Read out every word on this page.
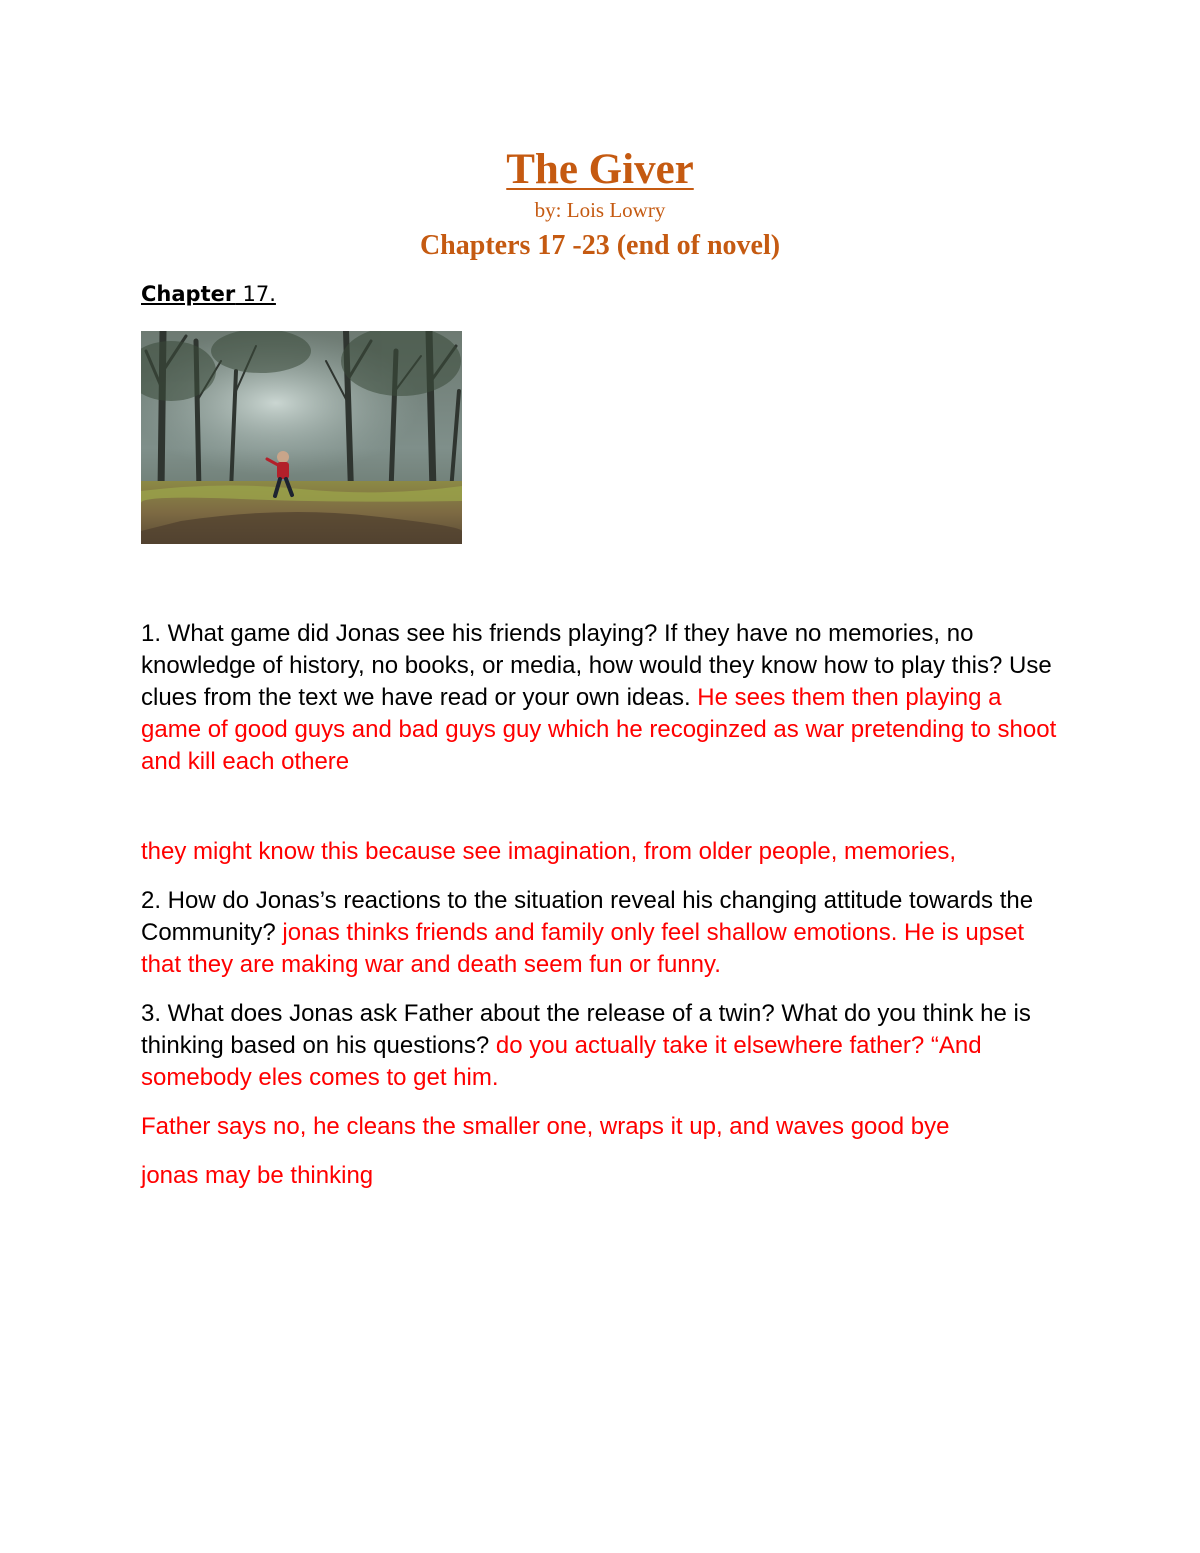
The Giver
by: Lois Lowry
Chapters 17 -23 (end of novel)
Chapter 17.

1. What game did Jonas see his friends playing? If they have no memories, no knowledge of history, no books, or media, how would they know how to play this? Use clues from the text we have read or your own ideas. He sees them then playing a game of good guys and bad guys guy which he recoginzed as war pretending to shoot and kill each othere

they might know this because see imagination, from older people, memories,

2. How do Jonas’s reactions to the situation reveal his changing attitude towards the Community? jonas thinks friends and family only feel shallow emotions. He is upset that they are making war and death seem fun or funny.

3. What does Jonas ask Father about the release of a twin? What do you think he is thinking based on his questions? do you actually take it elsewhere father? “And somebody eles comes to get him.

Father says no, he cleans the smaller one, wraps it up, and waves good bye

jonas may be thinking
